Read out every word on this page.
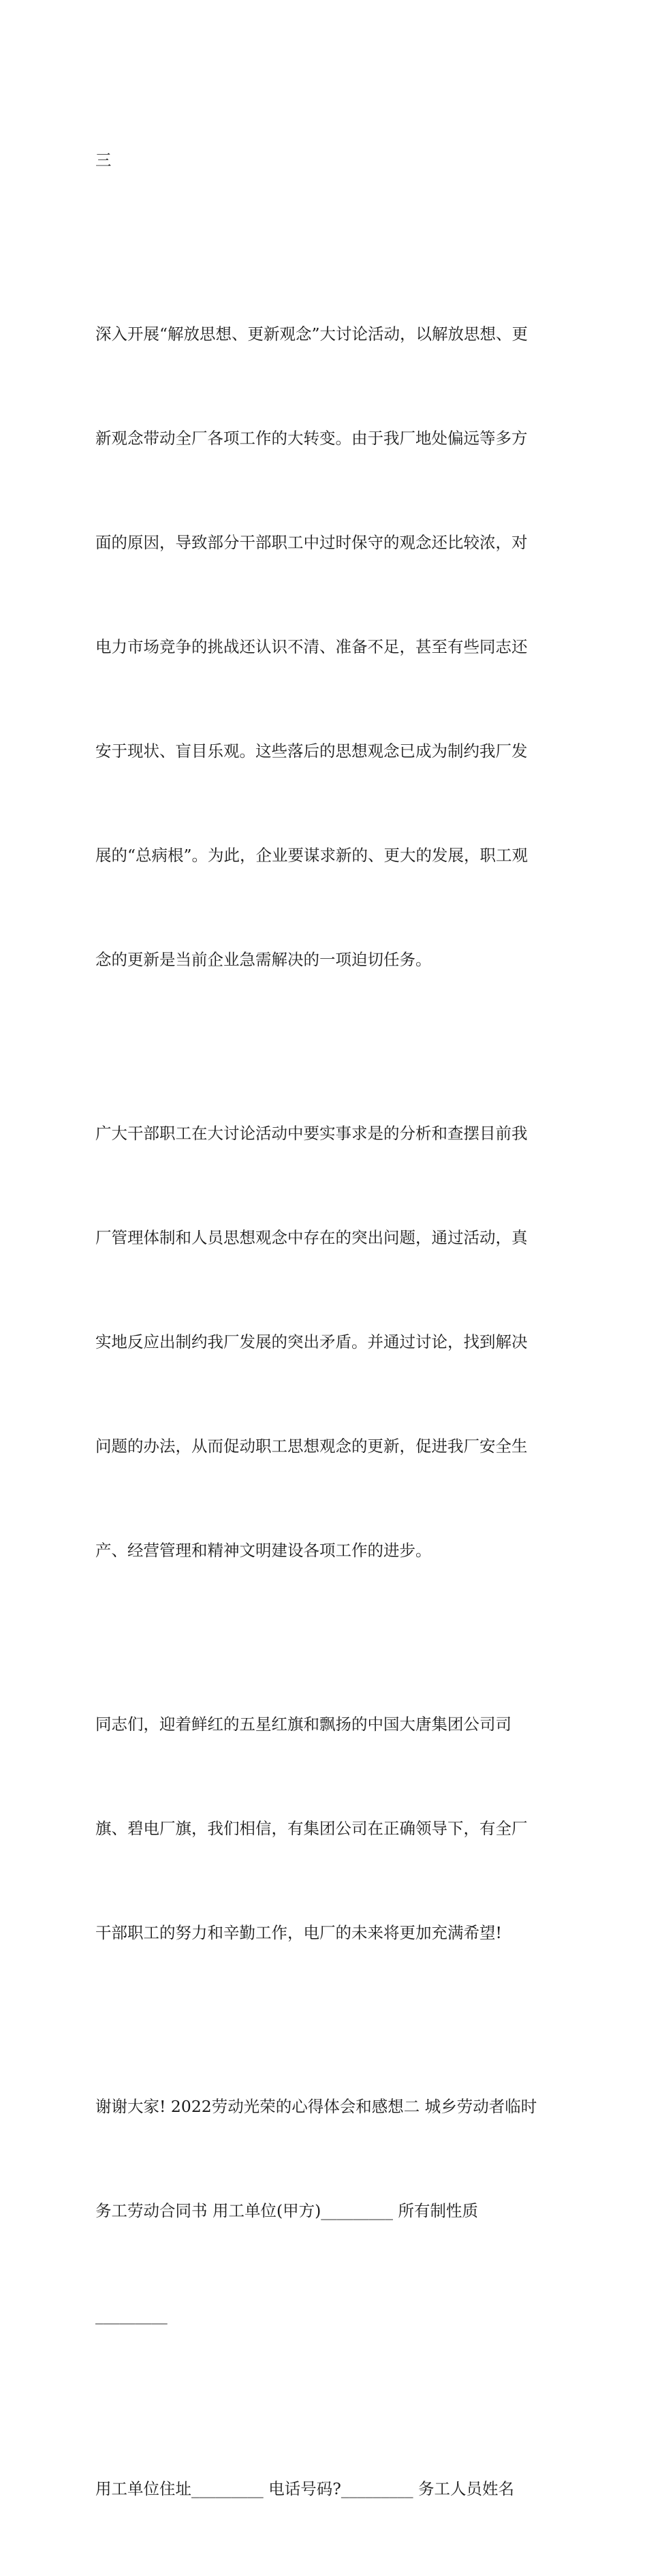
三

深入开展“解放思想、更新观念”大讨论活动，以解放思想、更

新观念带动全厂各项工作的大转变。由于我厂地处偏远等多方

面的原因，导致部分干部职工中过时保守的观念还比较浓，对

电力市场竞争的挑战还认识不清、准备不足，甚至有些同志还

安于现状、盲目乐观。这些落后的思想观念已成为制约我厂发

展的“总病根”。为此，企业要谋求新的、更大的发展，职工观

念的更新是当前企业急需解决的一项迫切任务。

广大干部职工在大讨论活动中要实事求是的分析和查摆目前我

厂管理体制和人员思想观念中存在的突出问题，通过活动，真

实地反应出制约我厂发展的突出矛盾。并通过讨论，找到解决

问题的办法，从而促动职工思想观念的更新，促进我厂安全生

产、经营管理和精神文明建设各项工作的进步。

同志们，迎着鲜红的五星红旗和飘扬的中国大唐集团公司司

旗、碧电厂旗，我们相信，有集团公司在正确领导下，有全厂

干部职工的努力和辛勤工作，电厂的未来将更加充满希望!

谢谢大家! 2022劳动光荣的心得体会和感想二 城乡劳动者临时

务工劳动合同书 用工单位(甲方)_________ 所有制性质

_________

用工单位住址_________ 电话号码?_________ 务工人员姓名
